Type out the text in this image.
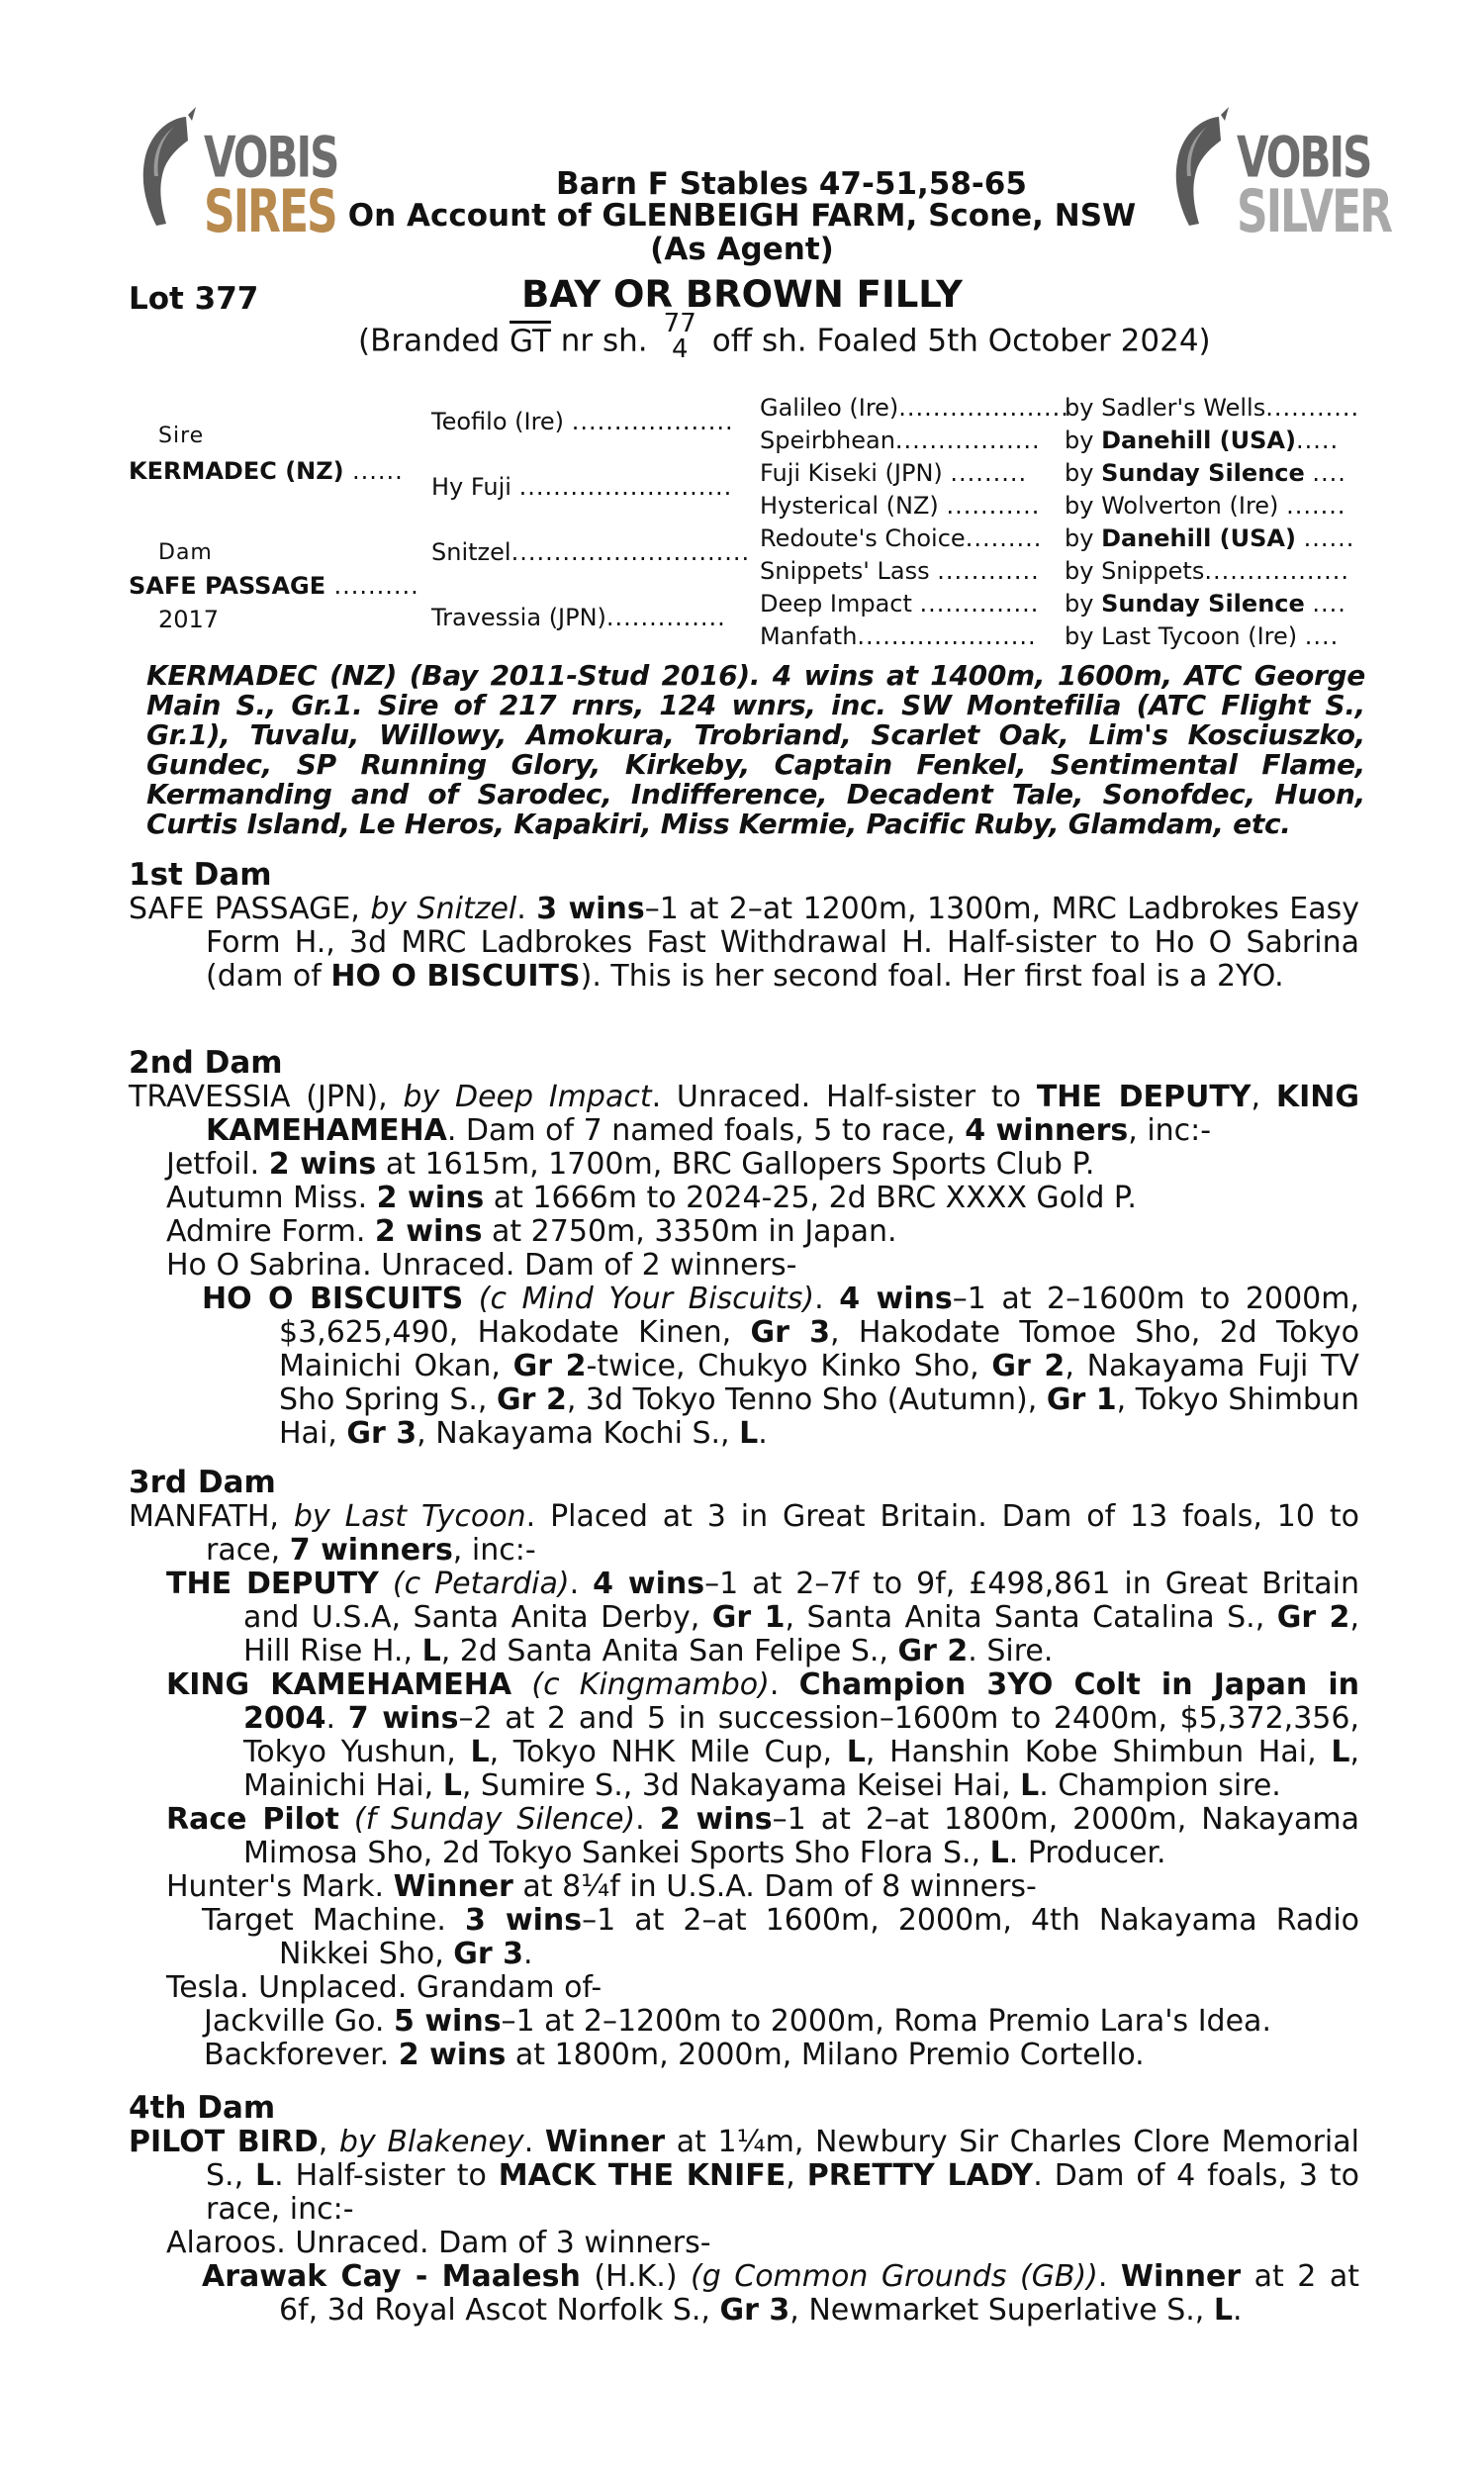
VOBIS
SIRES
VOBIS
SILVER
Barn F Stables 47-51,58-65
On Account of GLENBEIGH FARM, Scone, NSW
(As Agent)
Lot 377	BAY OR BROWN FILLY
(Branded $\overline{GT}$ nr sh. 77
4 off sh. Foaled 5th October 2024)
Sire
KERMADEC (NZ) ......
Dam
SAFE PASSAGE ..........
2017
Teofilo (Ire) ...................
Hy Fuji .........................
Snitzel............................
Travessia (JPN)..............
Galileo (Ire)....................
by Sadler's Wells...........
Speirbhean................. by Danehill (USA).....
Fuji Kiseki (JPN) ......... by Sunday Silence ....
Hysterical (NZ) ........... by Wolverton (Ire) .......
Redoute's Choice......... by Danehill (USA) ......
Snippets' Lass ............ by Snippets.................
Deep Impact .............. by Sunday Silence ....
Manfath..................... by Last Tycoon (Ire) ....
KERMADEC (NZ) (Bay 2011-Stud 2016). 4 wins at 1400m, 1600m, ATC George Main S., Gr.1. Sire of 217 rnrs, 124 wnrs, inc. SW Montefilia (ATC Flight S., Gr.1), Tuvalu, Willowy, Amokura, Trobriand, Scarlet Oak, Lim's Kosciuszko, Gundec, SP Running Glory, Kirkeby, Captain Fenkel, Sentimental Flame, Kermanding and of Sarodec, Indifference, Decadent Tale, Sonofdec, Huon, Curtis Island, Le Heros, Kapakiri, Miss Kermie, Pacific Ruby, Glamdam, etc.
1st Dam
SAFE PASSAGE, by Snitzel. 3 wins–1 at 2–at 1200m, 1300m, MRC Ladbrokes Easy Form H., 3d MRC Ladbrokes Fast Withdrawal H. Half-sister to Ho O Sabrina (dam of HO O BISCUITS). This is her second foal. Her first foal is a 2YO.
2nd Dam
TRAVESSIA (JPN), by Deep Impact. Unraced. Half-sister to THE DEPUTY, KING KAMEHAMEHA. Dam of 7 named foals, 5 to race, 4 winners, inc:-
Jetfoil. 2 wins at 1615m, 1700m, BRC Gallopers Sports Club P.
Autumn Miss. 2 wins at 1666m to 2024-25, 2d BRC XXXX Gold P.
Admire Form. 2 wins at 2750m, 3350m in Japan.
Ho O Sabrina. Unraced. Dam of 2 winners-
HO O BISCUITS (c Mind Your Biscuits). 4 wins–1 at 2–1600m to 2000m, $3,625,490, Hakodate Kinen, Gr 3, Hakodate Tomoe Sho, 2d Tokyo Mainichi Okan, Gr 2-twice, Chukyo Kinko Sho, Gr 2, Nakayama Fuji TV Sho Spring S., Gr 2, 3d Tokyo Tenno Sho (Autumn), Gr 1, Tokyo Shimbun Hai, Gr 3, Nakayama Kochi S., L.
3rd Dam
MANFATH, by Last Tycoon. Placed at 3 in Great Britain. Dam of 13 foals, 10 to race, 7 winners, inc:-
THE DEPUTY (c Petardia). 4 wins–1 at 2–7f to 9f, £498,861 in Great Britain and U.S.A, Santa Anita Derby, Gr 1, Santa Anita Santa Catalina S., Gr 2, Hill Rise H., L, 2d Santa Anita San Felipe S., Gr 2. Sire.
KING KAMEHAMEHA (c Kingmambo). Champion 3YO Colt in Japan in 2004. 7 wins–2 at 2 and 5 in succession–1600m to 2400m, $5,372,356, Tokyo Yushun, L, Tokyo NHK Mile Cup, L, Hanshin Kobe Shimbun Hai, L, Mainichi Hai, L, Sumire S., 3d Nakayama Keisei Hai, L. Champion sire.
Race Pilot (f Sunday Silence). 2 wins–1 at 2–at 1800m, 2000m, Nakayama Mimosa Sho, 2d Tokyo Sankei Sports Sho Flora S., L. Producer.
Hunter's Mark. Winner at 8¼f in U.S.A. Dam of 8 winners-
Target Machine. 3 wins–1 at 2–at 1600m, 2000m, 4th Nakayama Radio Nikkei Sho, Gr 3.
Tesla. Unplaced. Grandam of-
Jackville Go. 5 wins–1 at 2–1200m to 2000m, Roma Premio Lara's Idea.
Backforever. 2 wins at 1800m, 2000m, Milano Premio Cortello.
4th Dam
PILOT BIRD, by Blakeney. Winner at 1¼m, Newbury Sir Charles Clore Memorial S., L. Half-sister to MACK THE KNIFE, PRETTY LADY. Dam of 4 foals, 3 to race, inc:-
Alaroos. Unraced. Dam of 3 winners-
Arawak Cay - Maalesh (H.K.) (g Common Grounds (GB)). Winner at 2 at 6f, 3d Royal Ascot Norfolk S., Gr 3, Newmarket Superlative S., L.
